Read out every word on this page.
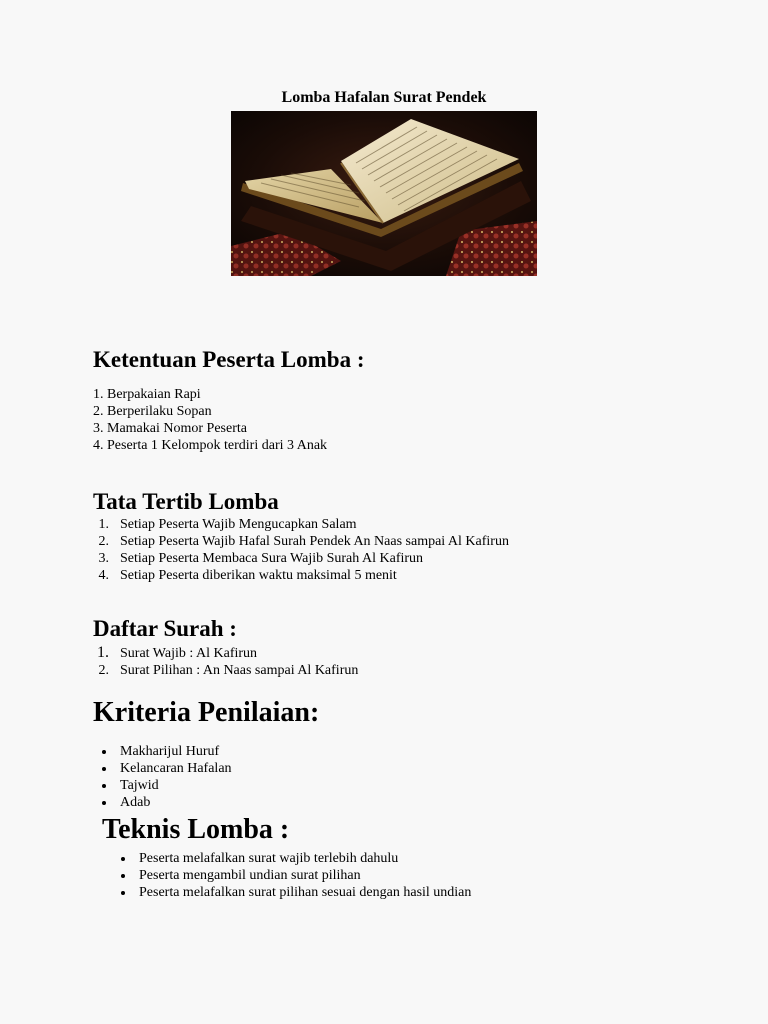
Lomba Hafalan Surat Pendek
Ketentuan Peserta Lomba :
1. Berpakaian Rapi
2. Berperilaku Sopan
3. Mamakai Nomor Peserta
4. Peserta 1 Kelompok terdiri dari 3 Anak
Tata Tertib Lomba
1. Setiap Peserta Wajib Mengucapkan Salam
2. Setiap Peserta Wajib Hafal Surah Pendek An Naas sampai Al Kafirun
3. Setiap Peserta Membaca Sura Wajib Surah Al Kafirun
4. Setiap Peserta diberikan waktu maksimal 5 menit
Daftar Surah :
1. Surat Wajib : Al Kafirun
2. Surat Pilihan : An Naas sampai Al Kafirun
Kriteria Penilaian:
Makharijul Huruf
Kelancaran Hafalan
Tajwid
Adab
Teknis Lomba :
Peserta melafalkan surat wajib terlebih dahulu
Peserta mengambil undian surat pilihan
Peserta melafalkan surat pilihan sesuai dengan hasil undian
